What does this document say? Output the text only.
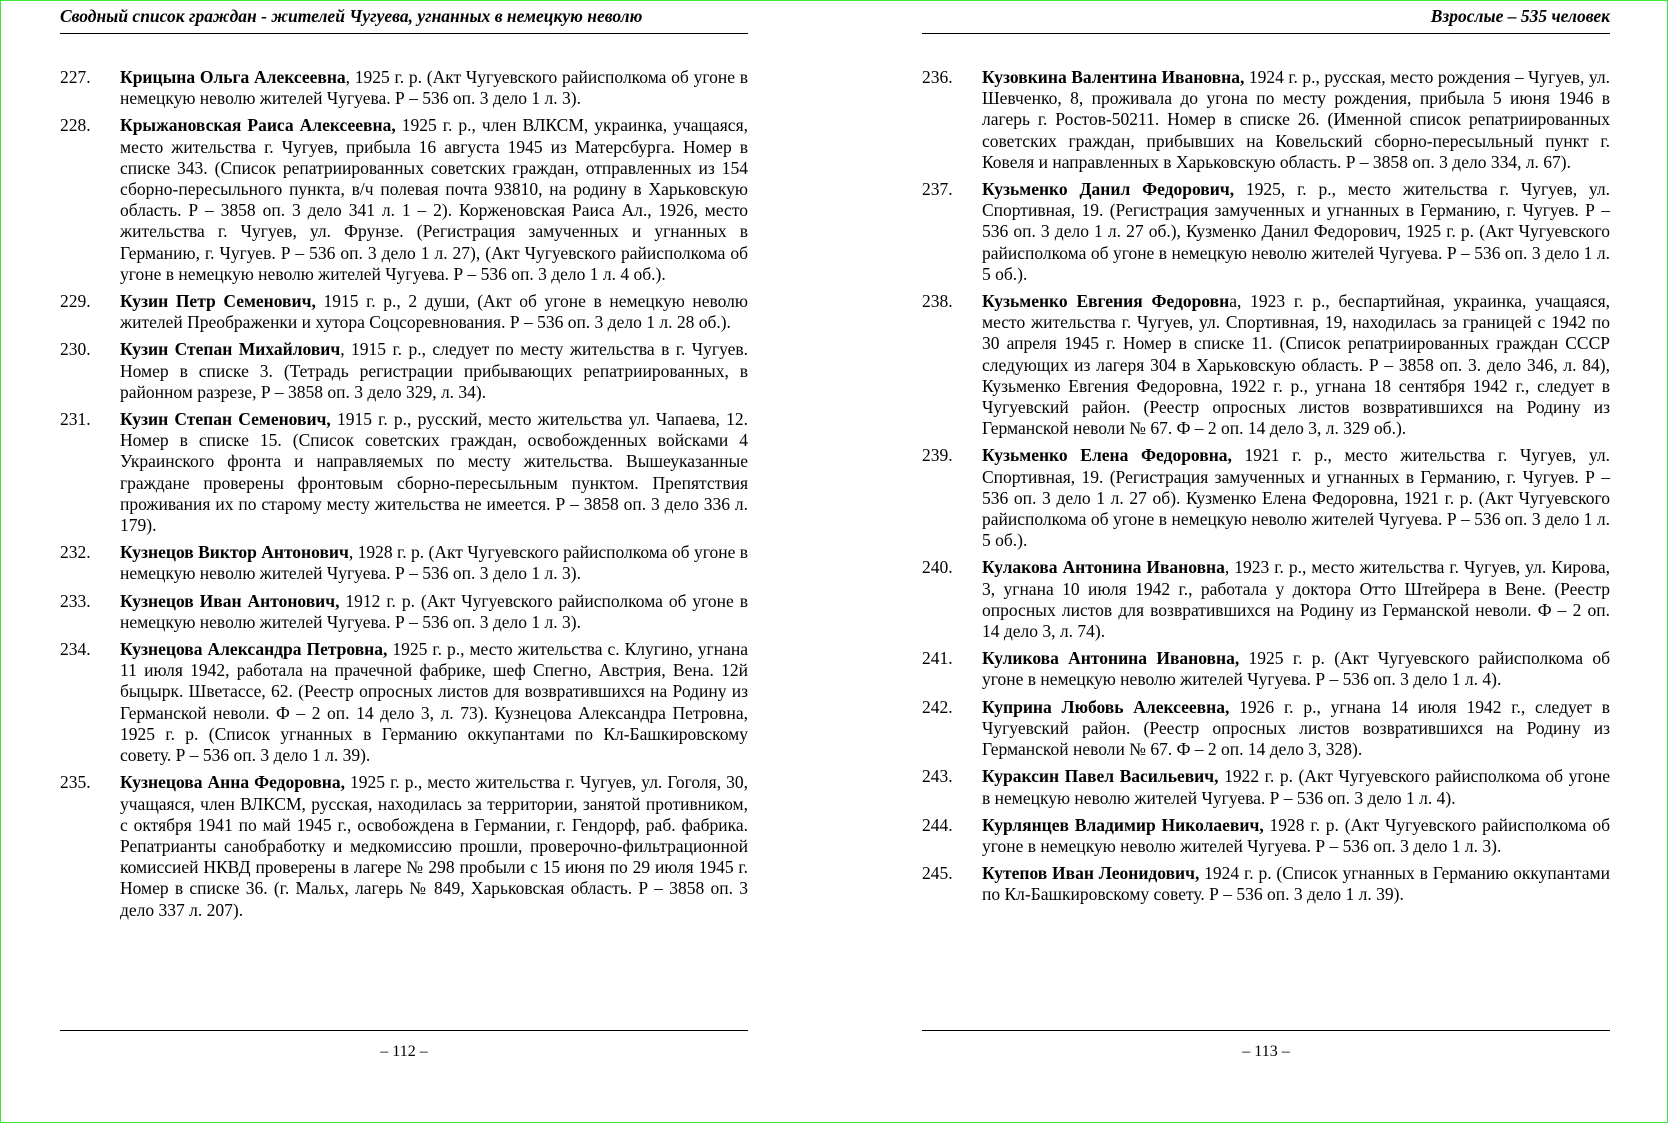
Сводный список граждан - жителей Чугуева, угнанных в немецкую неволю
227.	Крицына Ольга Алексеевна, 1925 г. р. (Акт Чугуевского райисполкома об угоне в немецкую неволю жителей Чугуева. Р – 536 оп. 3 дело 1 л. 3).
228.	Крыжановская Раиса Алексеевна, 1925 г. р., член ВЛКСМ, украинка, учащаяся, место жительства г. Чугуев, прибыла 16 августа 1945 из Матерсбурга. Номер в списке 343. (Список репатриированных советских граждан, отправленных из 154 сборно-пересыльного пункта, в/ч полевая почта 93810, на родину в Харьковскую область. Р – 3858 оп. 3 дело 341 л. 1 – 2). Корженовская Раиса Ал., 1926, место жительства г. Чугуев, ул. Фрунзе. (Регистрация замученных и угнанных в Германию, г. Чугуев. Р – 536 оп. 3 дело 1 л. 27), (Акт Чугуевского райисполкома об угоне в немецкую неволю жителей Чугуева. Р – 536 оп. 3 дело 1 л. 4 об.).
229.	Кузин Петр Семенович, 1915 г. р., 2 души, (Акт об угоне в немецкую неволю жителей Преображенки и хутора Соцсоревнования. Р – 536 оп. 3 дело 1 л. 28 об.).
230.	Кузин Степан Михайлович, 1915 г. р., следует по месту жительства в г. Чугуев. Номер в списке 3. (Тетрадь регистрации прибывающих репатриированных, в районном разрезе, Р – 3858 оп. 3 дело 329, л. 34).
231.	Кузин Степан Семенович, 1915 г. р., русский, место жительства ул. Чапаева, 12. Номер в списке 15. (Список советских граждан, освобожденных войсками 4 Украинского фронта и направляемых по месту жительства. Вышеуказанные граждане проверены фронтовым сборно-пересыльным пунктом. Препятствия проживания их по старому месту жительства не имеется. Р – 3858 оп. 3 дело 336 л. 179).
232.	Кузнецов Виктор Антонович, 1928 г. р. (Акт Чугуевского райисполкома об угоне в немецкую неволю жителей Чугуева. Р – 536 оп. 3 дело 1 л. 3).
233.	Кузнецов Иван Антонович, 1912 г. р. (Акт Чугуевского райисполкома об угоне в немецкую неволю жителей Чугуева. Р – 536 оп. 3 дело 1 л. 3).
234.	Кузнецова Александра Петровна, 1925 г. р., место жительства с. Клугино, угнана 11 июля 1942, работала на прачечной фабрике, шеф Спегно, Австрия, Вена. 12й быцырк. Шветассе, 62. (Реестр опросных листов для возвратившихся на Родину из Германской неволи. Ф – 2 оп. 14 дело 3, л. 73). Кузнецова Александра Петровна, 1925 г. р. (Список угнанных в Германию оккупантами по Кл-Башкировскому совету. Р – 536 оп. 3 дело 1 л. 39).
235.	Кузнецова Анна Федоровна, 1925 г. р., место жительства г. Чугуев, ул. Гоголя, 30, учащаяся, член ВЛКСМ, русская, находилась за территории, занятой противником, с октября 1941 по май 1945 г., освобождена в Германии, г. Гендорф, раб. фабрика. Репатрианты санобработку и медкомиссию прошли, проверочно-фильтрационной комиссией НКВД проверены в лагере № 298 пробыли с 15 июня по 29 июля 1945 г. Номер в списке 36. (г. Мальх, лагерь № 849, Харьковская область. Р – 3858 оп. 3 дело 337 л. 207).
– 112 –
Взрослые – 535 человек
236.	Кузовкина Валентина Ивановна, 1924 г. р., русская, место рождения – Чугуев, ул. Шевченко, 8, проживала до угона по месту рождения, прибыла 5 июня 1946 в лагерь г. Ростов-50211. Номер в списке 26. (Именной список репатриированных советских граждан, прибывших на Ковельский сборно-пересыльный пункт г. Ковеля и направленных в Харьковскую область. Р – 3858 оп. 3 дело 334, л. 67).
237.	Кузьменко Данил Федорович, 1925, г. р., место жительства г. Чугуев, ул. Спортивная, 19. (Регистрация замученных и угнанных в Германию, г. Чугуев. Р – 536 оп. 3 дело 1 л. 27 об.), Кузменко Данил Федорович, 1925 г. р. (Акт Чугуевского райисполкома об угоне в немецкую неволю жителей Чугуева. Р – 536 оп. 3 дело 1 л. 5 об.).
238.	Кузьменко Евгения Федоровна, 1923 г. р., беспартийная, украинка, учащаяся, место жительства г. Чугуев, ул. Спортивная, 19, находилась за границей с 1942 по 30 апреля 1945 г. Номер в списке 11. (Список репатриированных граждан СССР следующих из лагеря 304 в Харьковскую область. Р – 3858 оп. 3. дело 346, л. 84), Кузьменко Евгения Федоровна, 1922 г. р., угнана 18 сентября 1942 г., следует в Чугуевский район. (Реестр опросных листов возвратившихся на Родину из Германской неволи № 67. Ф – 2 оп. 14 дело 3, л. 329 об.).
239.	Кузьменко Елена Федоровна, 1921 г. р., место жительства г. Чугуев, ул. Спортивная, 19. (Регистрация замученных и угнанных в Германию, г. Чугуев. Р – 536 оп. 3 дело 1 л. 27 об). Кузменко Елена Федоровна, 1921 г. р. (Акт Чугуевского райисполкома об угоне в немецкую неволю жителей Чугуева. Р – 536 оп. 3 дело 1 л. 5 об.).
240.	Кулакова Антонина Ивановна, 1923 г. р., место жительства г. Чугуев, ул. Кирова, 3, угнана 10 июля 1942 г., работала у доктора Отто Штейрера в Вене. (Реестр опросных листов для возвратившихся на Родину из Германской неволи. Ф – 2 оп. 14 дело 3, л. 74).
241.	Куликова Антонина Ивановна, 1925 г. р. (Акт Чугуевского райисполкома об угоне в немецкую неволю жителей Чугуева. Р – 536 оп. 3 дело 1 л. 4).
242.	Куприна Любовь Алексеевна, 1926 г. р., угнана 14 июля 1942 г., следует в Чугуевский район. (Реестр опросных листов возвратившихся на Родину из Германской неволи № 67. Ф – 2 оп. 14 дело 3, 328).
243.	Кураксин Павел Васильевич, 1922 г. р. (Акт Чугуевского райисполкома об угоне в немецкую неволю жителей Чугуева. Р – 536 оп. 3 дело 1 л. 4).
244.	Курлянцев Владимир Николаевич, 1928 г. р. (Акт Чугуевского райисполкома об угоне в немецкую неволю жителей Чугуева. Р – 536 оп. 3 дело 1 л. 3).
245.	Кутепов Иван Леонидович, 1924 г. р. (Список угнанных в Германию оккупантами по Кл-Башкировскому совету. Р – 536 оп. 3 дело 1 л. 39).
– 113 –
